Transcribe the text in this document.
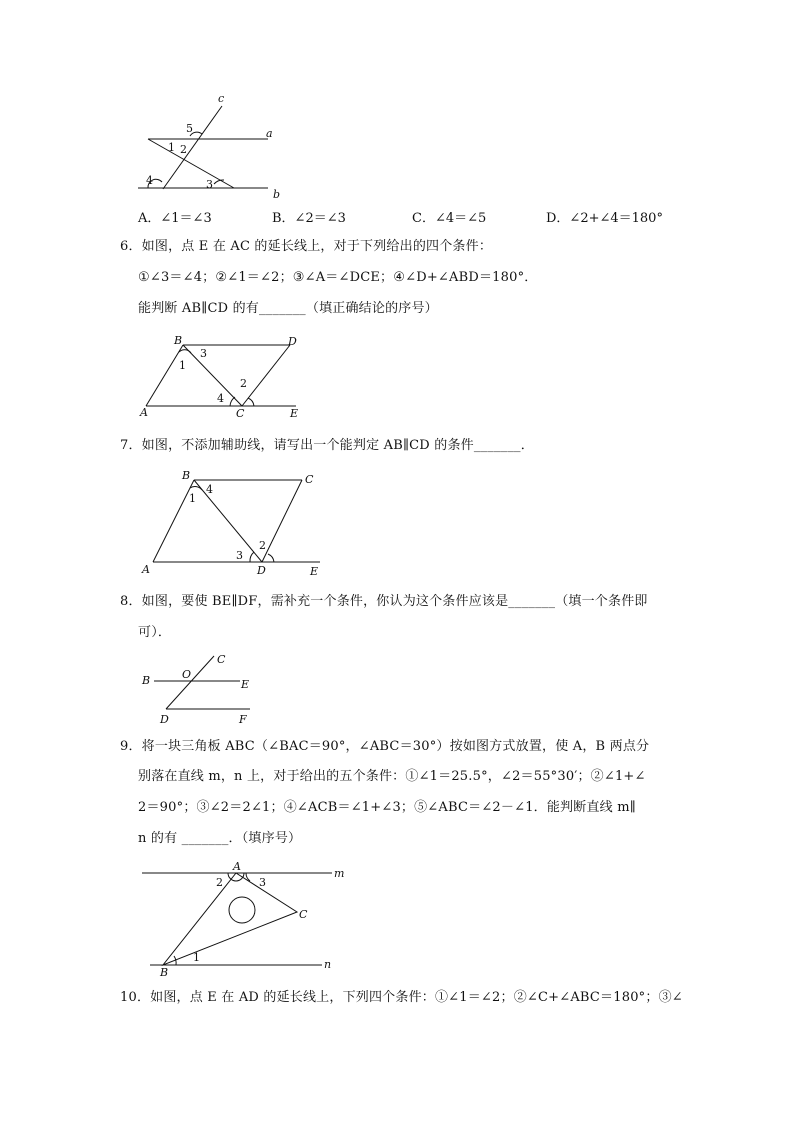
c
a
b
5
1 2
4	3
A．∠1＝∠3	B．∠2＝∠3	C．∠4＝∠5	D．∠2+∠4＝180°
6．如图，点 E 在 AC 的延长线上，对于下列给出的四个条件：
①∠3＝∠4；②∠1＝∠2；③∠A＝∠DCE；④∠D+∠ABD＝180°．
能判断 AB∥CD 的有_______（填正确结论的序号）
B	D
A	C	E
1
3
2
4
7．如图，不添加辅助线，请写出一个能判定 AB∥CD 的条件_______．
B	C
A	D	E
1
4
2
3
8．如图，要使 BE∥DF，需补充一个条件，你认为这个条件应该是_______（填一个条件即
可）．
B	O
C
E
D	F
9．将一块三角板 ABC（∠BAC＝90°，∠ABC＝30°）按如图方式放置，使 A，B 两点分
别落在直线 m，n 上，对于给出的五个条件：①∠1＝25.5°，∠2＝55°30′；②∠1+∠
2＝90°；③∠2＝2∠1；④∠ACB＝∠1+∠3；⑤∠ABC＝∠2－∠1．能判断直线 m∥
n 的有 _______．（填序号）
A
m
2	3
C
1
B
n
10．如图，点 E 在 AD 的延长线上，下列四个条件：①∠1＝∠2；②∠C+∠ABC＝180°；③∠
